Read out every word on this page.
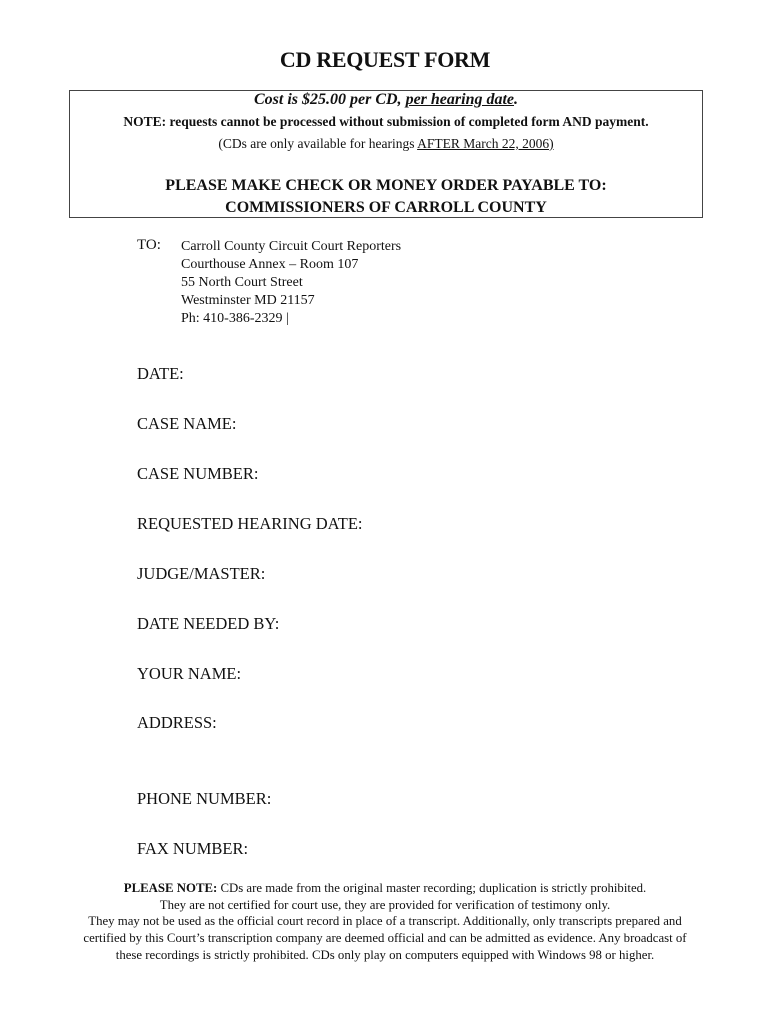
CD REQUEST FORM
Cost is $25.00 per CD, per hearing date.
NOTE: requests cannot be processed without submission of completed form AND payment.
(CDs are only available for hearings AFTER March 22, 2006)
PLEASE MAKE CHECK OR MONEY ORDER PAYABLE TO:
COMMISSIONERS OF CARROLL COUNTY
TO: Carroll County Circuit Court Reporters
Courthouse Annex – Room 107
55 North Court Street
Westminster MD 21157
Ph: 410-386-2329 |
DATE:
CASE NAME:
CASE NUMBER:
REQUESTED HEARING DATE:
JUDGE/MASTER:
DATE NEEDED BY:
YOUR NAME:
ADDRESS:
PHONE NUMBER:
FAX NUMBER:
PLEASE NOTE: CDs are made from the original master recording; duplication is strictly prohibited.
They are not certified for court use, they are provided for verification of testimony only.
They may not be used as the official court record in place of a transcript. Additionally, only transcripts prepared and
certified by this Court’s transcription company are deemed official and can be admitted as evidence. Any broadcast of
these recordings is strictly prohibited. CDs only play on computers equipped with Windows 98 or higher.
